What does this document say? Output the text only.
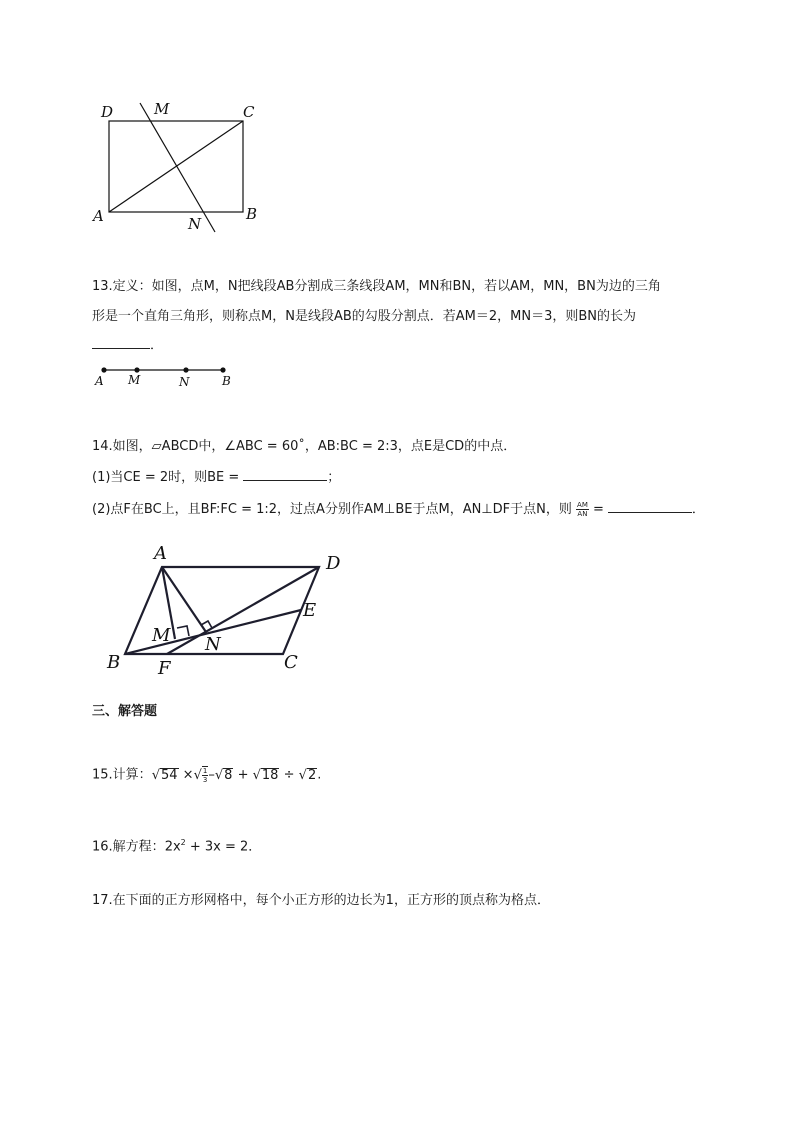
D	M	C
A	N
B
13.定义：如图，点M，N把线段AB分割成三条线段AM，MN和BN，若以AM，MN，BN为边的三角
形是一个直角三角形，则称点M，N是线段AB的勾股分割点．若AM＝2，MN＝3，则BN的长为
．
A M	N	B
14.如图，▱ABCD中，∠ABC = 60˚，AB:BC = 2:3，点E是CD的中点．
(1)当CE = 2时，则BE =	；
(2)点F在BC上，且BF:FC = 1:2，过点A分别作AM⊥BE于点M，AN⊥DF于点N，则 $\frac{AM}{AN}$ =	．
A	D
E
M N
B F	C
三、解答题
15.计算：√54 ×√ $\frac{1}{3} -√8 + √18 \div √2$.
16.解方程：$2x^2 + 3x = 2$．
17.在下面的正方形网格中，每个小正方形的边长为1，正方形的顶点称为格点．
